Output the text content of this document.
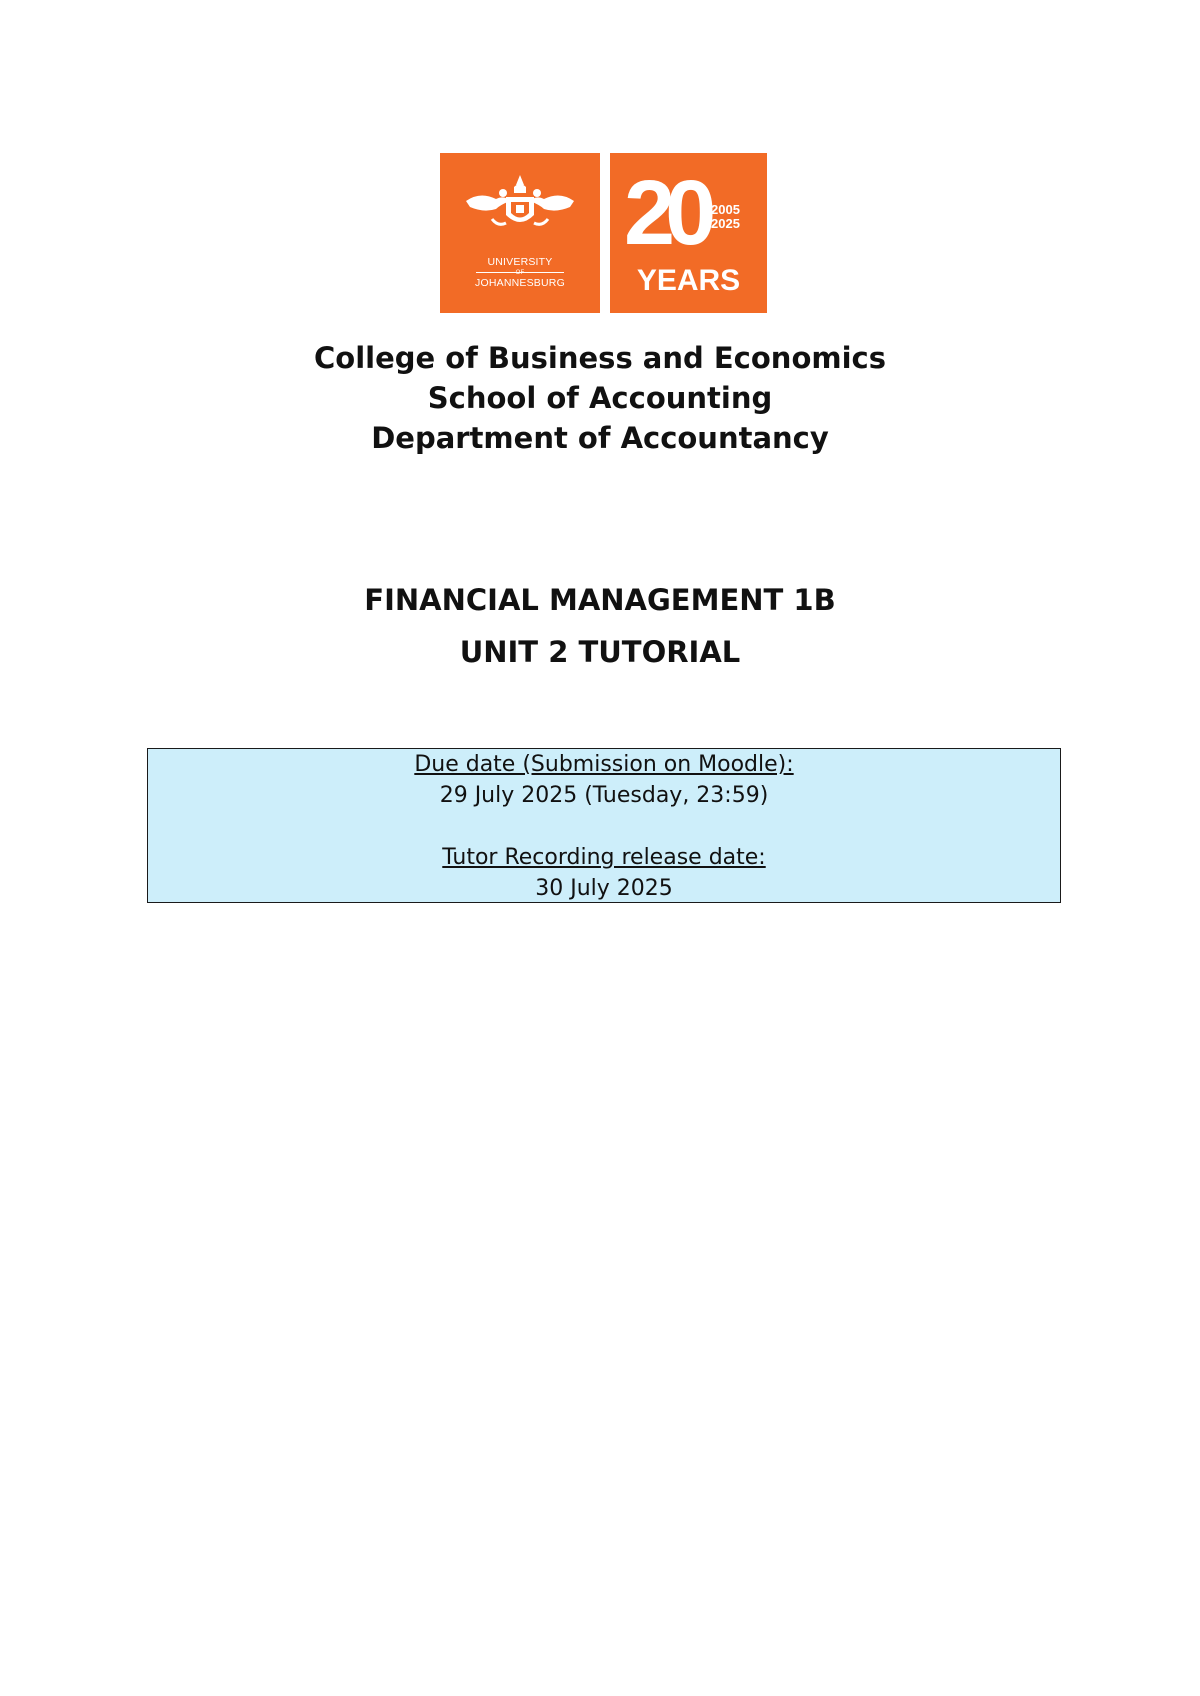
UNIVERSITY
OF
JOHANNESBURG
20 2005
2025
YEARS
College of Business and Economics
School of Accounting
Department of Accountancy
FINANCIAL MANAGEMENT 1B
UNIT 2 TUTORIAL
Due date (Submission on Moodle):
29 July 2025 (Tuesday, 23:59)
Tutor Recording release date:
30 July 2025
